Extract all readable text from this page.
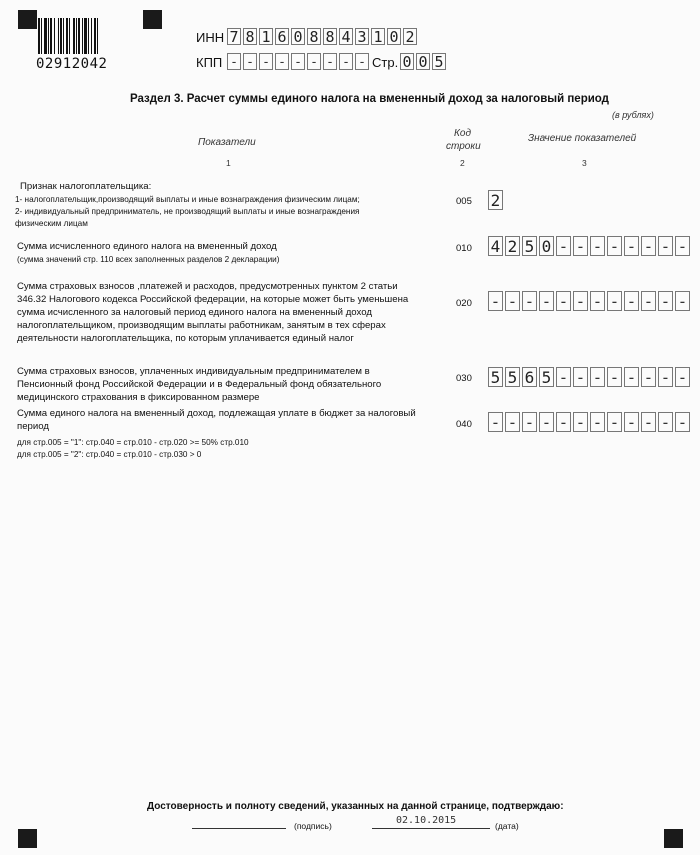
02912042
ИНН 7 8 1 6 0 8 8 4 3 1 0 2
КПП - - - - - - - - - Стр. 0 0 5
Раздел 3. Расчет суммы единого налога на вмененный доход за налоговый период
(в рублях)
Показатели
Код
строки
Значение показателей
1	2	3
Признак налогоплательщика:
1- налогоплательщик,производящий выплаты и иные вознаграждения физическим лицам;
2- индивидуальный предприниматель, не производящий выплаты и иные вознаграждения
физическим лицам
005 2
Сумма исчисленного единого налога на вмененный доход
(сумма значений стр. 110 всех заполненных разделов 2 декларации)
010 4 2 5 0 - - - - - - - -
Сумма страховых взносов ,платежей и расходов, предусмотренных пунктом 2 статьи
346.32 Налогового кодекса Российской федерации, на которые может быть уменьшена
сумма исчисленного за налоговый период единого налога на вмененный доход
налогоплательщиком, производящим выплаты работникам, занятым в тех сферах
деятельности налогоплательщика, по которым уплачивается единый налог
020 - - - - - - - - - - - -
Сумма страховых взносов, уплаченных индивидуальным предпринимателем в
Пенсионный фонд Российской Федерации и в Федеральный фонд обязательного
медицинского страхования в фиксированном размере
030 5 5 6 5 - - - - - - - -
Сумма единого налога на вмененный доход, подлежащая уплате в бюджет за налоговый
период
для стр.005 = "1": стр.040 = стр.010 - стр.020 >= 50% стр.010
для стр.005 = "2": стр.040 = стр.010 - стр.030 > 0
040 - - - - - - - - - - - -
Достоверность и полноту сведений, указанных на данной странице, подтверждаю:
(подпись)	02.10.2015	(дата)
